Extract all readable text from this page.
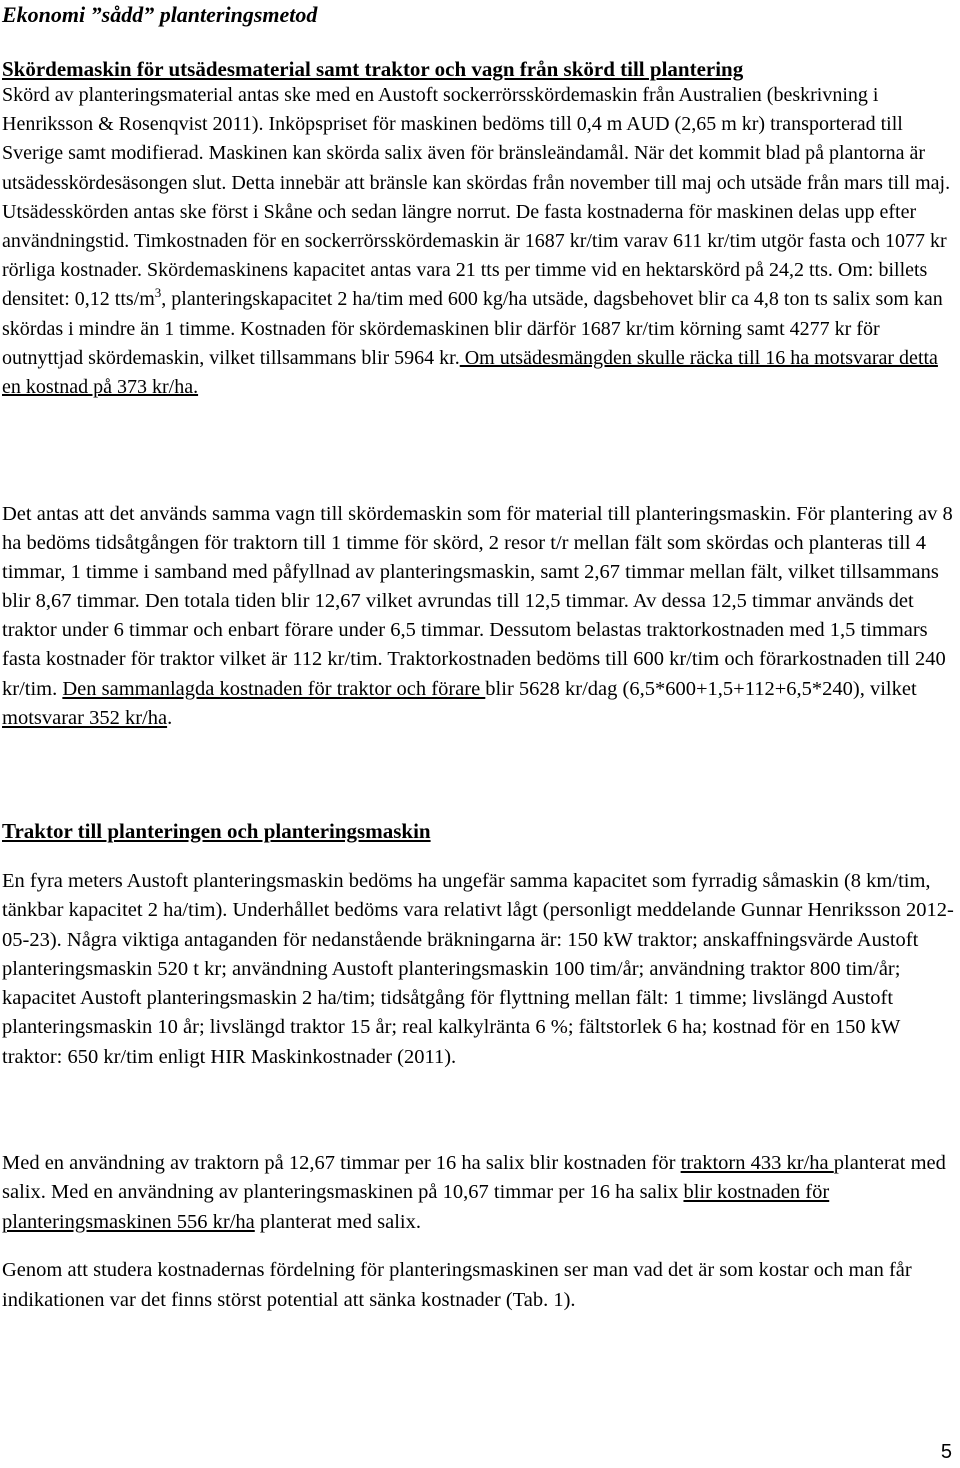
Ekonomi ”sådd” planteringsmetod
Skördemaskin för utsädesmaterial samt traktor och vagn från skörd till plantering

Skörd av planteringsmaterial antas ske med en Austoft sockerrörsskördemaskin från Australien (beskrivning i Henriksson & Rosenqvist 2011). Inköpspriset för maskinen bedöms till 0,4 m AUD (2,65 m kr) transporterad till Sverige samt modifierad. Maskinen kan skörda salix även för bränsleändamål. När det kommit blad på plantorna är utsädesskördesäsongen slut. Detta innebär att bränsle kan skördas från november till maj och utsäde från mars till maj. Utsädesskörden antas ske först i Skåne och sedan längre norrut. De fasta kostnaderna för maskinen delas upp efter användningstid. Timkostnaden för en sockerrörsskördemaskin är 1687 kr/tim varav 611 kr/tim utgör fasta och 1077 kr rörliga kostnader. Skördemaskinens kapacitet antas vara 21 tts per timme vid en hektarskörd på 24,2 tts. Om: billets densitet: 0,12 tts/$m^3$, planteringskapacitet 2 ha/tim med 600 kg/ha utsäde, dagsbehovet blir ca 4,8 ton ts salix som kan skördas i mindre än 1 timme. Kostnaden för skördemaskinen blir därför 1687 kr/tim körning samt 4277 kr för outnyttjad skördemaskin, vilket tillsammans blir 5964 kr. Om utsädesmängden skulle räcka till 16 ha motsvarar detta en kostnad på 373 kr/ha.

Det antas att det används samma vagn till skördemaskin som för material till planteringsmaskin. För plantering av 8 ha bedöms tidsåtgången för traktorn till 1 timme för skörd, 2 resor t/r mellan fält som skördas och planteras till 4 timmar, 1 timme i samband med påfyllnad av planteringsmaskin, samt 2,67 timmar mellan fält, vilket tillsammans blir 8,67 timmar. Den totala tiden blir 12,67 vilket avrundas till 12,5 timmar. Av dessa 12,5 timmar används det traktor under 6 timmar och enbart förare under 6,5 timmar. Dessutom belastas traktorkostnaden med 1,5 timmars fasta kostnader för traktor vilket är 112 kr/tim. Traktorkostnaden bedöms till 600 kr/tim och förarkostnaden till 240 kr/tim. Den sammanlagda kostnaden för traktor och förare blir 5628 kr/dag (6,5*600+1,5+112+6,5*240), vilket motsvarar 352 kr/ha.

Traktor till planteringen och planteringsmaskin

En fyra meters Austoft planteringsmaskin bedöms ha ungefär samma kapacitet som fyrradig såmaskin (8 km/tim, tänkbar kapacitet 2 ha/tim). Underhållet bedöms vara relativt lågt (personligt meddelande Gunnar Henriksson 2012-05-23). Några viktiga antaganden för nedanstående bräkningarna är: 150 kW traktor; anskaffningsvärde Austoft planteringsmaskin 520 t kr; användning Austoft planteringsmaskin 100 tim/år; användning traktor 800 tim/år; kapacitet Austoft planteringsmaskin 2 ha/tim; tidsåtgång för flyttning mellan fält: 1 timme; livslängd Austoft planteringsmaskin 10 år; livslängd traktor 15 år; real kalkylränta 6 %; fältstorlek 6 ha; kostnad för en 150 kW traktor: 650 kr/tim enligt HIR Maskinkostnader (2011).

Med en användning av traktorn på 12,67 timmar per 16 ha salix blir kostnaden för traktorn 433 kr/ha planterat med salix. Med en användning av planteringsmaskinen på 10,67 timmar per 16 ha salix blir kostnaden för planteringsmaskinen 556 kr/ha planterat med salix.

Genom att studera kostnadernas fördelning för planteringsmaskinen ser man vad det är som kostar och man får indikationen var det finns störst potential att sänka kostnader (Tab. 1).

5
